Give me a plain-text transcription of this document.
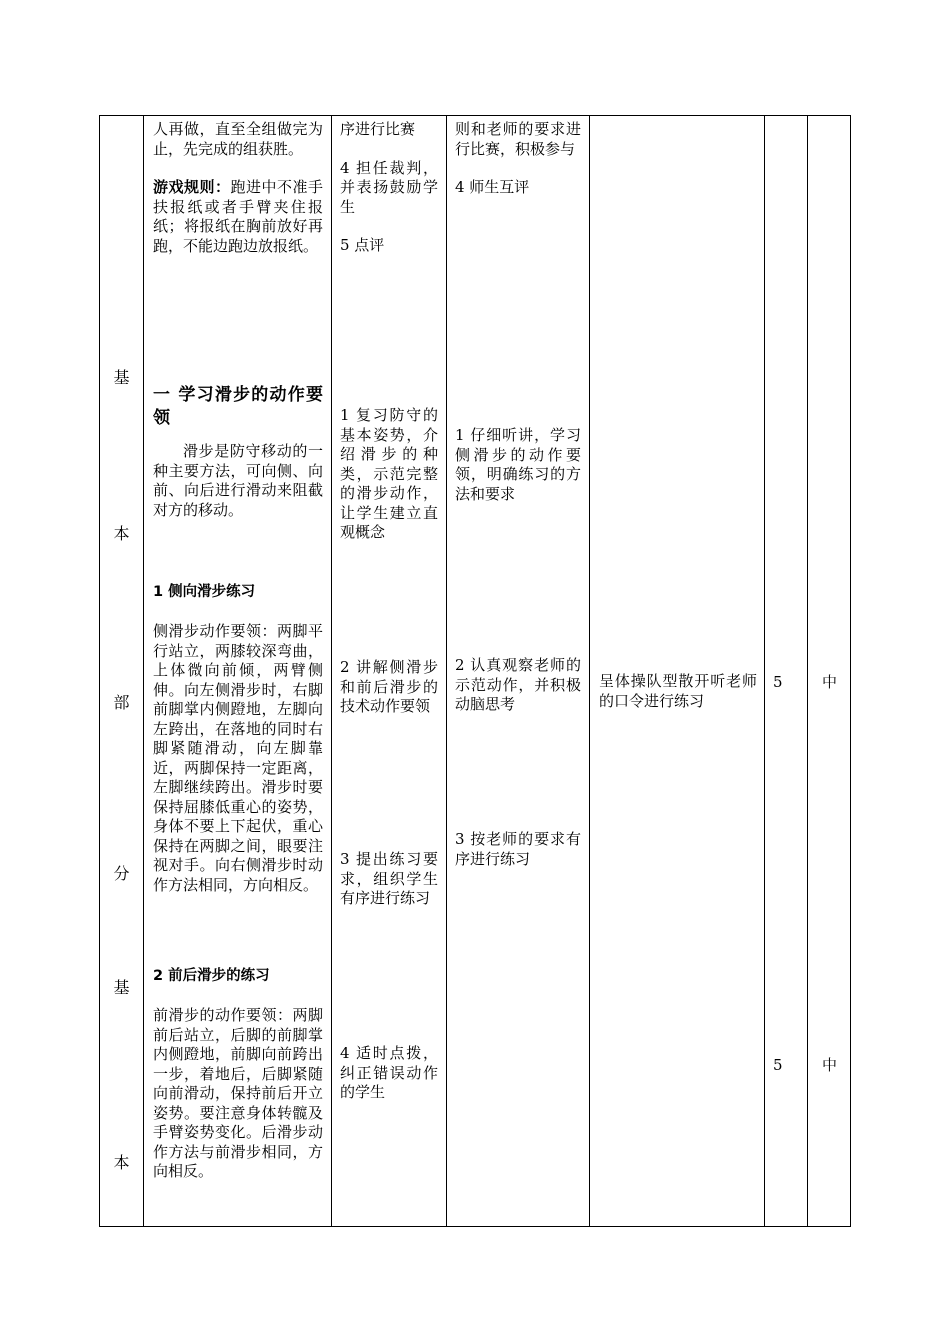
基
本
部
分
基
本

人再做，直至全组做完为止，先完成的组获胜。

游戏规则：跑进中不准手扶报纸或者手臂夹住报纸；将报纸在胸前放好再跑，不能边跑边放报纸。

一 学习滑步的动作要领

滑步是防守移动的一种主要方法，可向侧、向前、向后进行滑动来阻截对方的移动。

1 侧向滑步练习

侧滑步动作要领：两脚平行站立，两膝较深弯曲，上体微向前倾，两臂侧伸。向左侧滑步时，右脚前脚掌内侧蹬地，左脚向左跨出，在落地的同时右脚紧随滑动，向左脚靠近，两脚保持一定距离，左脚继续跨出。滑步时要保持屈膝低重心的姿势，身体不要上下起伏，重心保持在两脚之间，眼要注视对手。向右侧滑步时动作方法相同，方向相反。

2 前后滑步的练习

前滑步的动作要领：两脚前后站立，后脚的前脚掌内侧蹬地，前脚向前跨出一步，着地后，后脚紧随向前滑动，保持前后开立姿势。要注意身体转髋及手臂姿势变化。后滑步动作方法与前滑步相同，方向相反。

序进行比赛

4 担任裁判，并表扬鼓励学生

5 点评

1 复习防守的基本姿势，介绍滑步的种类，示范完整的滑步动作，让学生建立直观概念

2 讲解侧滑步和前后滑步的技术动作要领

3 提出练习要求，组织学生有序进行练习

4 适时点拨，纠正错误动作的学生

则和老师的要求进行比赛，积极参与

4 师生互评

1 仔细听讲，学习侧滑步的动作要领，明确练习的方法和要求

2 认真观察老师的示范动作，并积极动脑思考

3 按老师的要求有序进行练习

呈体操队型散开听老师的口令进行练习

5
5
中
中
